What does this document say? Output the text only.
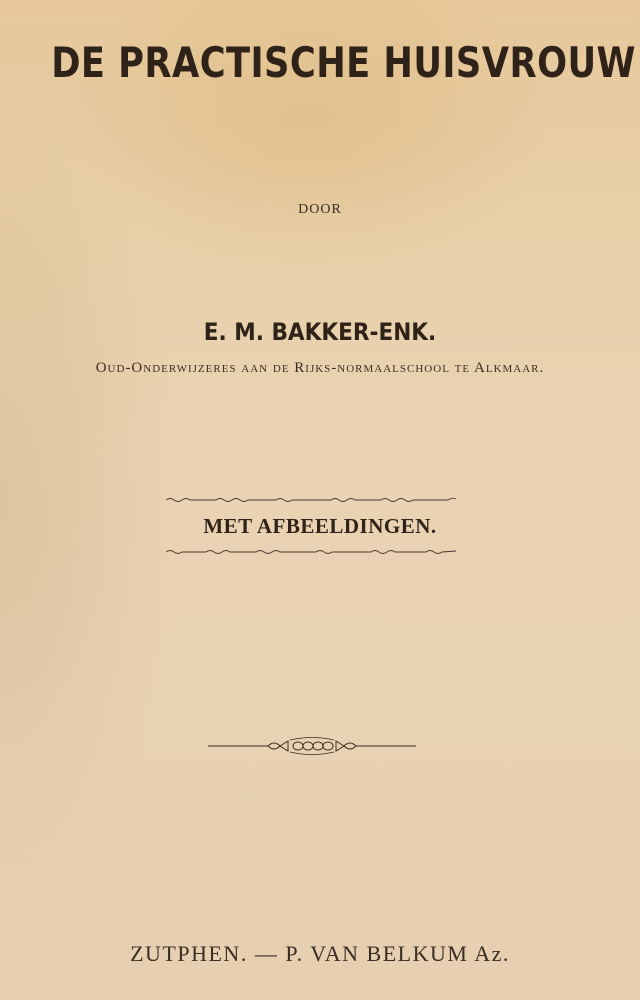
DE PRACTISCHE HUISVROUW
DOOR
E. M. BAKKER-ENK.
Oud-Onderwijzeres aan de Rijks-normaalschool te Alkmaar.
MET AFBEELDINGEN.
ZUTPHEN. — P. VAN BELKUM Az.
